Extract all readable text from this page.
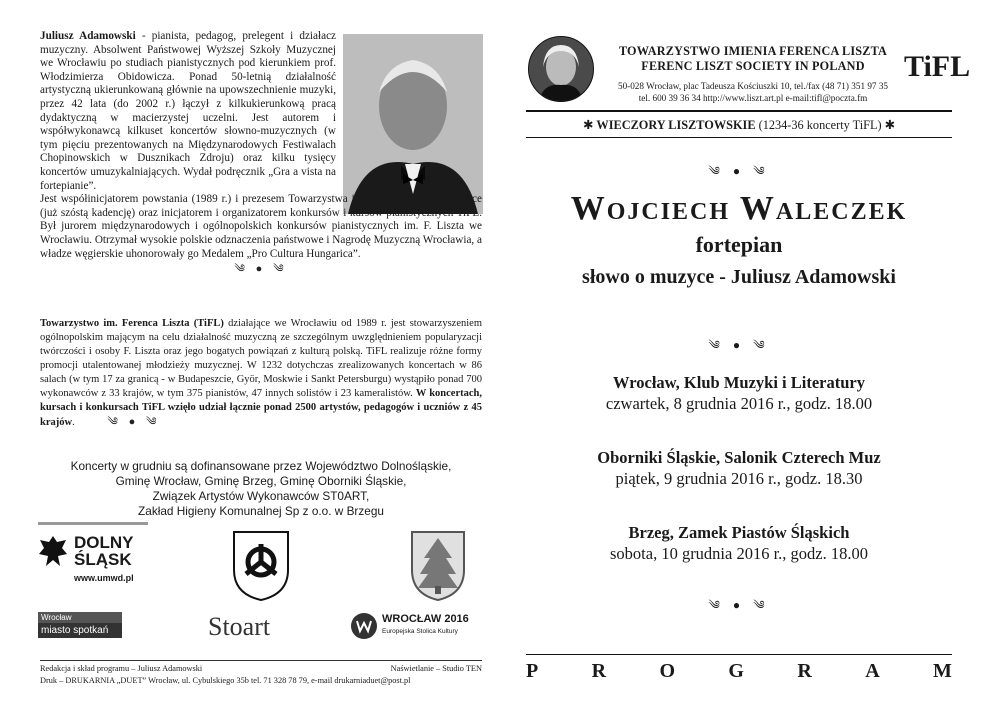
Juliusz Adamowski - pianista, pedagog, prelegent i działacz muzyczny. Absolwent Państwowej Wyższej Szkoły Muzycznej we Wrocławiu po studiach pianistycznych pod kierunkiem prof. Włodzimierza Obidowicza. Ponad 50-letnią działalność artystyczną ukierunkowaną głównie na upowszechnienie muzyki, przez 42 lata (do 2002 r.) łączył z kilkukierunkową pracą dydaktyczną w macierzystej uczelni. Jest autorem i współwykonawcą kilkuset koncertów słowno-muzycznych (w tym pięciu prezentowanych na Międzynarodowych Festiwalach Chopinowskich w Dusznikach Zdroju) oraz kilku tysięcy koncertów umuzykalniających. Wydał podręcznik „Gra a vista na fortepianie”.
Jest współinicjatorem powstania (1989 r.) i prezesem Towarzystwa im. Ferenca Liszta w Polsce (już szóstą kadencję) oraz inicjatorem i organizatorem konkursów i kursów pianistycznych TiFL. Był jurorem międzynarodowych i ogólnopolskich konkursów pianistycznych im. F. Liszta we Wrocławiu. Otrzymał wysokie polskie odznaczenia państwowe i Nagrodę Muzyczną Wrocławia, a władze węgierskie uhonorowały go Medalem „Pro Cultura Hungarica”.
༄ ● ༄
Towarzystwo im. Ferenca Liszta (TiFL) działające we Wrocławiu od 1989 r. jest stowarzyszeniem ogólnopolskim mającym na celu działalność muzyczną ze szczególnym uwzględnieniem popularyzacji twórczości i osoby F. Liszta oraz jego bogatych powiązań z kulturą polską. TiFL realizuje różne formy promocji utalentowanej młodzieży muzycznej. W 1232 dotychczas zrealizowanych koncertach w 86 salach (w tym 17 za granicą - w Budapeszcie, Györ, Moskwie i Sankt Petersburgu) wystąpiło ponad 700 wykonawców z 33 krajów, w tym 375 pianistów, 47 innych solistów i 23 kameralistów. W koncertach, kursach i konkursach TiFL wzięło udział łącznie ponad 2500 artystów, pedagogów i uczniów z 45 krajów.	༄ ● ༄
Koncerty w grudniu są dofinansowane przez Województwo Dolnośląskie,
Gminę Wrocław, Gminę Brzeg, Gminę Oborniki Śląskie,
Związek Artystów Wykonawców ST0ART,
Zakład Higieny Komunalnej Sp z o.o. w Brzegu
DOLNY
ŚLĄSK
www.umwd.pl
Wrocław
miasto spotkań	Stoart	WROCŁAW 2016
Europejska Stolica Kultury
Redakcja i skład programu – Juliusz Adamowski	Naświetlanie – Studio TEN
Druk – DRUKARNIA „DUET” Wrocław, ul. Cybulskiego 35b tel. 71 328 78 79, e-mail drukarniaduet@post.pl
TOWARZYSTWO IMIENIA FERENCA LISZTA
FERENC LISZT SOCIETY IN POLAND
50-028 Wrocław, plac Tadeusza Kościuszki 10, tel./fax (48 71) 351 97 35
tel. 600 39 36 34 http://www.liszt.art.pl e-mail:tifl@poczta.fm
TiFL
✱ WIECZORY LISZTOWSKIE (1234-36 koncerty TiFL) ✱
༄ ● ༄
Wojciech Waleczek
fortepian
słowo o muzyce - Juliusz Adamowski
༄ ● ༄
Wrocław, Klub Muzyki i Literatury
czwartek, 8 grudnia 2016 r., godz. 18.00
Oborniki Śląskie, Salonik Czterech Muz
piątek, 9 grudnia 2016 r., godz. 18.30
Brzeg, Zamek Piastów Śląskich
sobota, 10 grudnia 2016 r., godz. 18.00
༄ ● ༄
P	R	O	G	R	A	M
